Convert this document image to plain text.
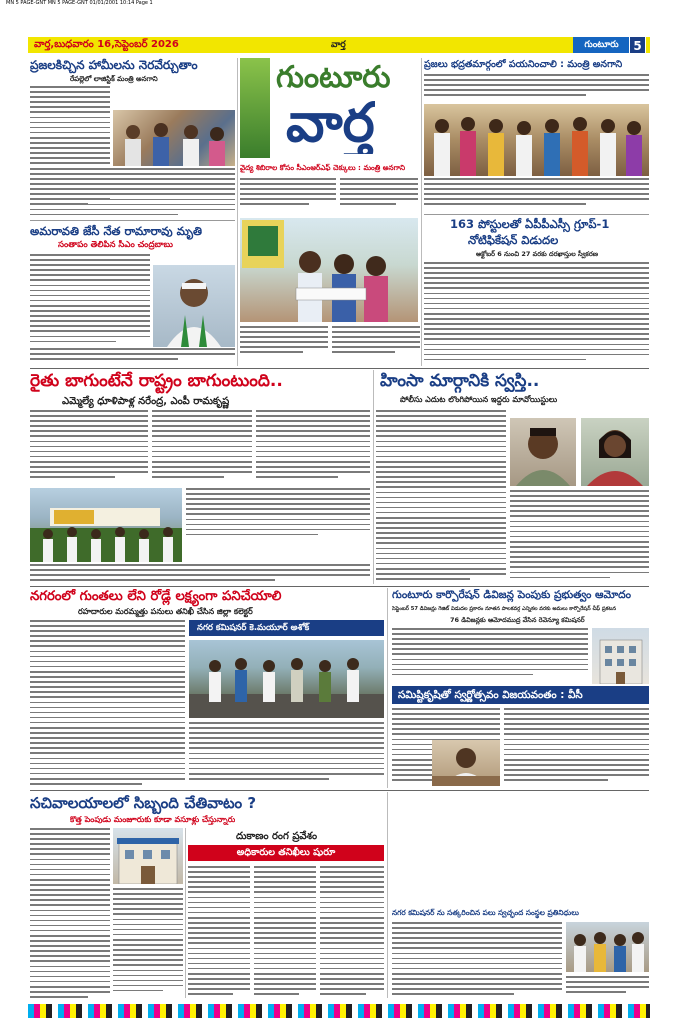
MN 5 PAGE-GNT MN 5 PAGE-GNT 01/01/2001 10:14 Page 1
వార్త,బుధవారం 16,సెప్టెంబర్ 2026	వార్త	గుంటూరు	5
ప్రజలకిచ్చిన హామీలను నెరవేర్చుతాం
రేపల్లెలో లాజిస్టిక్ మంత్రి అనగాని
అమరావతి జేసీ నేత రామారావు మృతి
సంతాపం తెలిపిన సీఎం చంద్రబాబు
గుంటూరు
వార్త
వైద్య శిబిరాల కోసం సీఎంఆర్ఎఫ్ చెక్కులు : మంత్రి అనగాని
ప్రజలు భద్రతమార్గంలో పయనించాలి : మంత్రి అనగాని
163 పోస్టులతో ఏపీపీఎస్సీ గ్రూప్-1
నోటిఫికేషన్ విడుదల
అక్టోబర్ 6 నుంచి 27 వరకు దరఖాస్తుల స్వీకరణ
రైతు బాగుంటేనే రాష్ట్రం బాగుంటుంది..
ఎమ్మెల్యే ధూళిపాళ్ల నరేంద్ర, ఎంపీ రామకృష్ణ
హింసా మార్గానికి స్వస్తి..
పోలీసు ఎదుట లొంగిపోయిన ఇద్దరు మావోయిస్టులు
నగరంలో గుంతలు లేని రోడ్లే లక్ష్యంగా పనిచేయాలి
రహదారుల మరమ్మత్తు పనులు తనిఖీ చేసిన జిల్లా కలెక్టర్
నగర కమిషనర్ కె.మయూర్ అశోక్
గుంటూరు కార్పొరేషన్ డివిజన్ల పెంపుకు ప్రభుత్వం ఆమోదం
సెప్టెంబర్ 57 డివిజన్లు గెజిట్ విడుదల ప్రకారం నూతన పాలకవర్గ ఎన్నికల వరకు అమలు కార్పొరేషన్ చీఫ్ ప్రకటన
76 డివిజన్లకు ఆమోదముద్ర వేసిన రెవెన్యూ కమిషనర్
సమిష్టికృషితో స్వర్ణోత్సవం విజయవంతం : వీసీ
సచివాలయాలలో సిబ్బంది చేతివాటం ?
కొత్త పెంపుడు మంజూరుకు కూడా వసూళ్లు చేస్తున్నారు
దుకాణం రంగ ప్రవేశం
అధికారుల తనిఖీలు షురూ
నగర కమిషనర్ ను సత్కరించిన పలు స్వచ్ఛంద సంస్థల ప్రతినిధులు
